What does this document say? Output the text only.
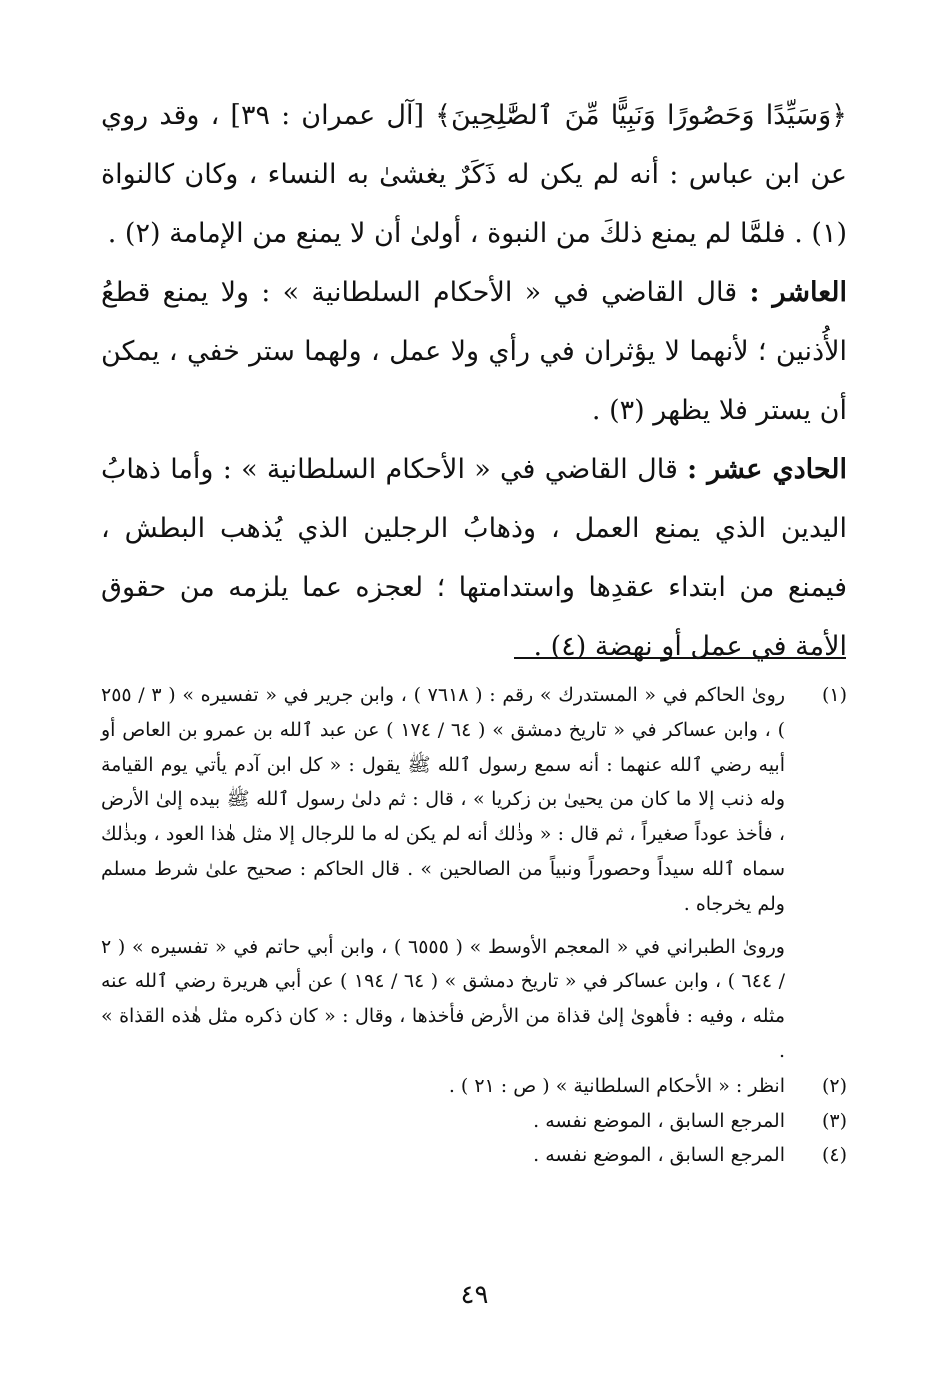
﴿وَسَيِّدًا وَحَصُورًا وَنَبِيًّا مِّنَ ٱلصَّٰلِحِينَ﴾ [آل عمران : ٣٩] ، وقد روي عن ابن عباس : أنه لم يكن له ذَكَرٌ يغشىٰ به النساء ، وكان كالنواة (١) . فلمَّا لم يمنع ذلكَ من النبوة ، أولىٰ أن لا يمنع من الإمامة (٢) .

العاشر : قال القاضي في « الأحكام السلطانية » : ولا يمنع قطعُ الأُذنين ؛ لأنهما لا يؤثران في رأي ولا عمل ، ولهما ستر خفي ، يمكن أن يستر فلا يظهر (٣) .

الحادي عشر : قال القاضي في « الأحكام السلطانية » : وأما ذهابُ اليدين الذي يمنع العمل ، وذهابُ الرجلين الذي يُذهب البطش ، فيمنع من ابتداء عقدِها واستدامتها ؛ لعجزه عما يلزمه من حقوق الأمة في عمل أو نهضة (٤) .

(١)
روىٰ الحاكم في « المستدرك » رقم : ( ٧٦١٨ ) ، وابن جرير في « تفسيره » ( ٣ / ٢٥٥ ) ، وابن عساكر في « تاريخ دمشق » ( ٦٤ / ١٧٤ ) عن عبد ٱلله بن عمرو بن العاص أو أبيه رضي ٱلله عنهما : أنه سمع رسول ٱلله ﷺ يقول : « كل ابن آدم يأتي يوم القيامة وله ذنب إلا ما كان من يحيىٰ بن زكريا » ، قال : ثم دلىٰ رسول ٱلله ﷺ بيده إلىٰ الأرض ، فأخذ عوداً صغيراً ، ثم قال : « وذٰلك أنه لم يكن له ما للرجال إلا مثل هٰذا العود ، وبذٰلك سماه ٱلله سيداً وحصوراً ونبياً من الصالحين » . قال الحاكم : صحيح علىٰ شرط مسلم ولم يخرجاه .
وروىٰ الطبراني في « المعجم الأوسط » ( ٦٥٥٥ ) ، وابن أبي حاتم في « تفسيره » ( ٢ / ٦٤٤ ) ، وابن عساكر في « تاريخ دمشق » ( ٦٤ / ١٩٤ ) عن أبي هريرة رضي ٱلله عنه مثله ، وفيه : فأهوىٰ إلىٰ قذاة من الأرض فأخذها ، وقال : « كان ذكره مثل هٰذه القذاة » .
(٢)
انظر : « الأحكام السلطانية » ( ص : ٢١ ) .
(٣)
المرجع السابق ، الموضع نفسه .
(٤)
المرجع السابق ، الموضع نفسه .
٤٩
